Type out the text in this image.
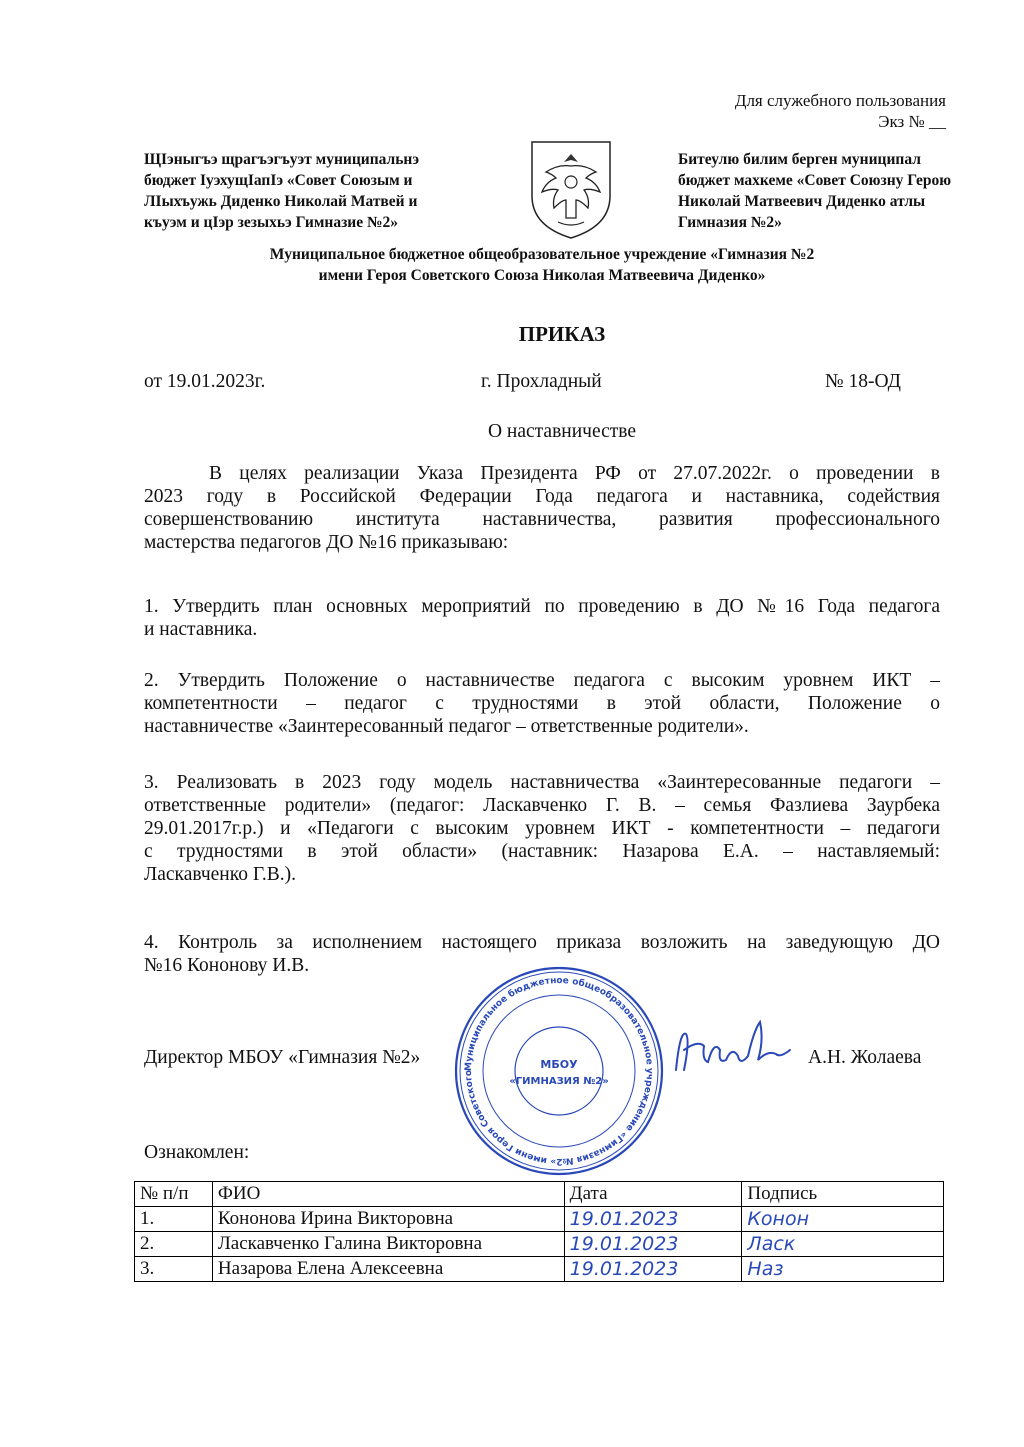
Для служебного пользования
Экз № __
ЩІэныгъэ щрагъэгъуэт муниципальнэ
бюджет ІуэхущІапІэ «Совет Союзым и
ЛІыхъужь Диденко Николай Матвей и
къуэм и цІэр зезыхьэ Гимназие №2»
Битеулю билим берген муниципал
бюджет махкеме «Совет Союзну Герою
Николай Матвеевич Диденко атлы
Гимназия №2»
Муниципальное бюджетное общеобразовательное учреждение «Гимназия №2
имени Героя Советского Союза Николая Матвеевича Диденко»
ПРИКАЗ
от 19.01.2023г.	г. Прохладный	№ 18-ОД
О наставничестве
В целях реализации Указа Президента РФ от 27.07.2022г. о проведении в
2023 году в Российской Федерации Года педагога и наставника, содействия
совершенствованию института наставничества, развития профессионального
мастерства педагогов ДО №16 приказываю:
1. Утвердить план основных мероприятий по проведению в ДО №16 Года педагога
и наставника.
2. Утвердить Положение о наставничестве педагога с высоким уровнем ИКТ –
компетентности – педагог с трудностями в этой области, Положение о
наставничестве «Заинтересованный педагог – ответственные родители».
3. Реализовать в 2023 году модель наставничества «Заинтересованные педагоги –
ответственные родители» (педагог: Ласкавченко Г. В. – семья Фазлиева Заурбека
29.01.2017г.р.) и «Педагоги с высоким уровнем ИКТ - компетентности – педагоги
с трудностями в этой области» (наставник: Назарова Е.А. – наставляемый:
Ласкавченко Г.В.).
4. Контроль за исполнением настоящего приказа возложить на заведующую ДО
№16 Кононову И.В.
Муниципальное бюджетное общеобразовательное учреждение «Гимназия №2» имени Героя Советского
МБОУ
«ГИМНАЗИЯ №2»
Директор МБОУ «Гимназия №2»	А.Н. Жолаева
Ознакомлен:
№ п/п	ФИО	Дата	Подпись
1.	Кононова Ирина Викторовна	19.01.2023	Конон
2.	Ласкавченко Галина Викторовна	19.01.2023	Ласк
3.	Назарова Елена Алексеевна	19.01.2023	Наз
